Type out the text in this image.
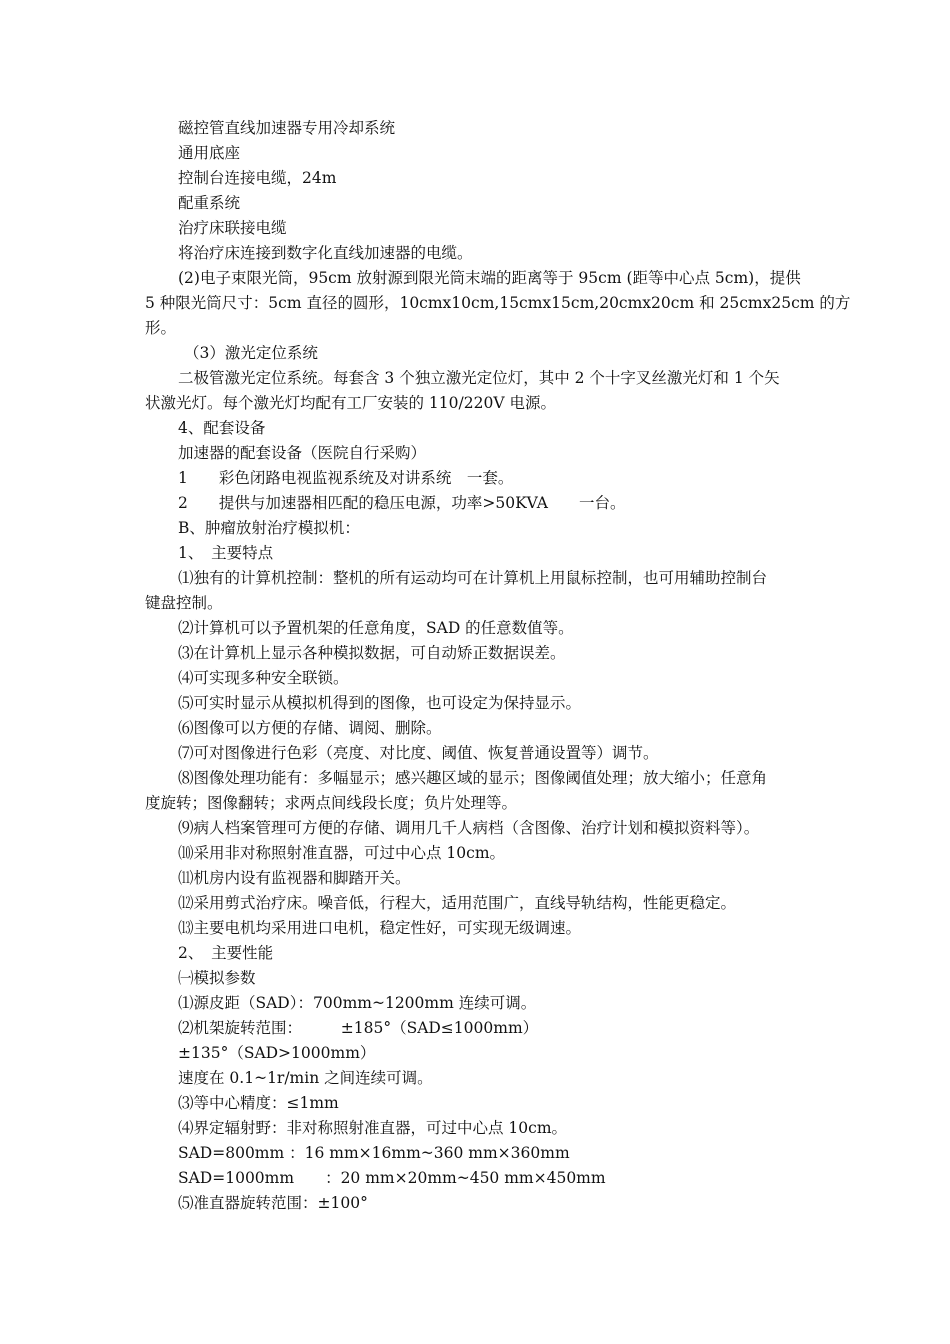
磁控管直线加速器专用冷却系统
通用底座
控制台连接电缆，24m
配重系统
治疗床联接电缆
将治疗床连接到数字化直线加速器的电缆。
(2)电子束限光筒，95cm 放射源到限光筒末端的距离等于 95cm (距等中心点 5cm)，提供
5 种限光筒尺寸：5cm 直径的圆形，10cmx10cm,15cmx15cm,20cmx20cm 和 25cmx25cm 的方
形。
（3）激光定位系统
二极管激光定位系统。每套含 3 个独立激光定位灯，其中 2 个十字叉丝激光灯和 1 个矢
状激光灯。每个激光灯均配有工厂安装的 110/220V 电源。
4、配套设备
加速器的配套设备（医院自行采购）
1　　彩色闭路电视监视系统及对讲系统　一套。
2　　提供与加速器相匹配的稳压电源，功率>50KVA　　一台。
B、肿瘤放射治疗模拟机：
1、　主要特点
⑴独有的计算机控制：整机的所有运动均可在计算机上用鼠标控制，也可用辅助控制台
键盘控制。
⑵计算机可以予置机架的任意角度，SAD 的任意数值等。
⑶在计算机上显示各种模拟数据，可自动矫正数据误差。
⑷可实现多种安全联锁。
⑸可实时显示从模拟机得到的图像，也可设定为保持显示。
⑹图像可以方便的存储、调阅、删除。
⑺可对图像进行色彩（亮度、对比度、阈值、恢复普通设置等）调节。
⑻图像处理功能有：多幅显示；感兴趣区域的显示；图像阈值处理；放大缩小；任意角
度旋转；图像翻转；求两点间线段长度；负片处理等。
⑼病人档案管理可方便的存储、调用几千人病档（含图像、治疗计划和模拟资料等）。
⑽采用非对称照射准直器，可过中心点 10cm。
⑾机房内设有监视器和脚踏开关。
⑿采用剪式治疗床。噪音低，行程大，适用范围广，直线导轨结构，性能更稳定。
⒀主要电机均采用进口电机，稳定性好，可实现无级调速。
2、　主要性能
㈠模拟参数
⑴源皮距（SAD）：700mm~1200mm 连续可调。
⑵机架旋转范围：　　　±185°（SAD≤1000mm）
±135°（SAD>1000mm）
速度在 0.1~1r/min 之间连续可调。
⑶等中心精度：≤1mm
⑷界定辐射野：非对称照射准直器，可过中心点 10cm。
SAD=800mm ：16 mm×16mm~360 mm×360mm
SAD=1000mm　　：20 mm×20mm~450 mm×450mm
⑸准直器旋转范围：±100°
